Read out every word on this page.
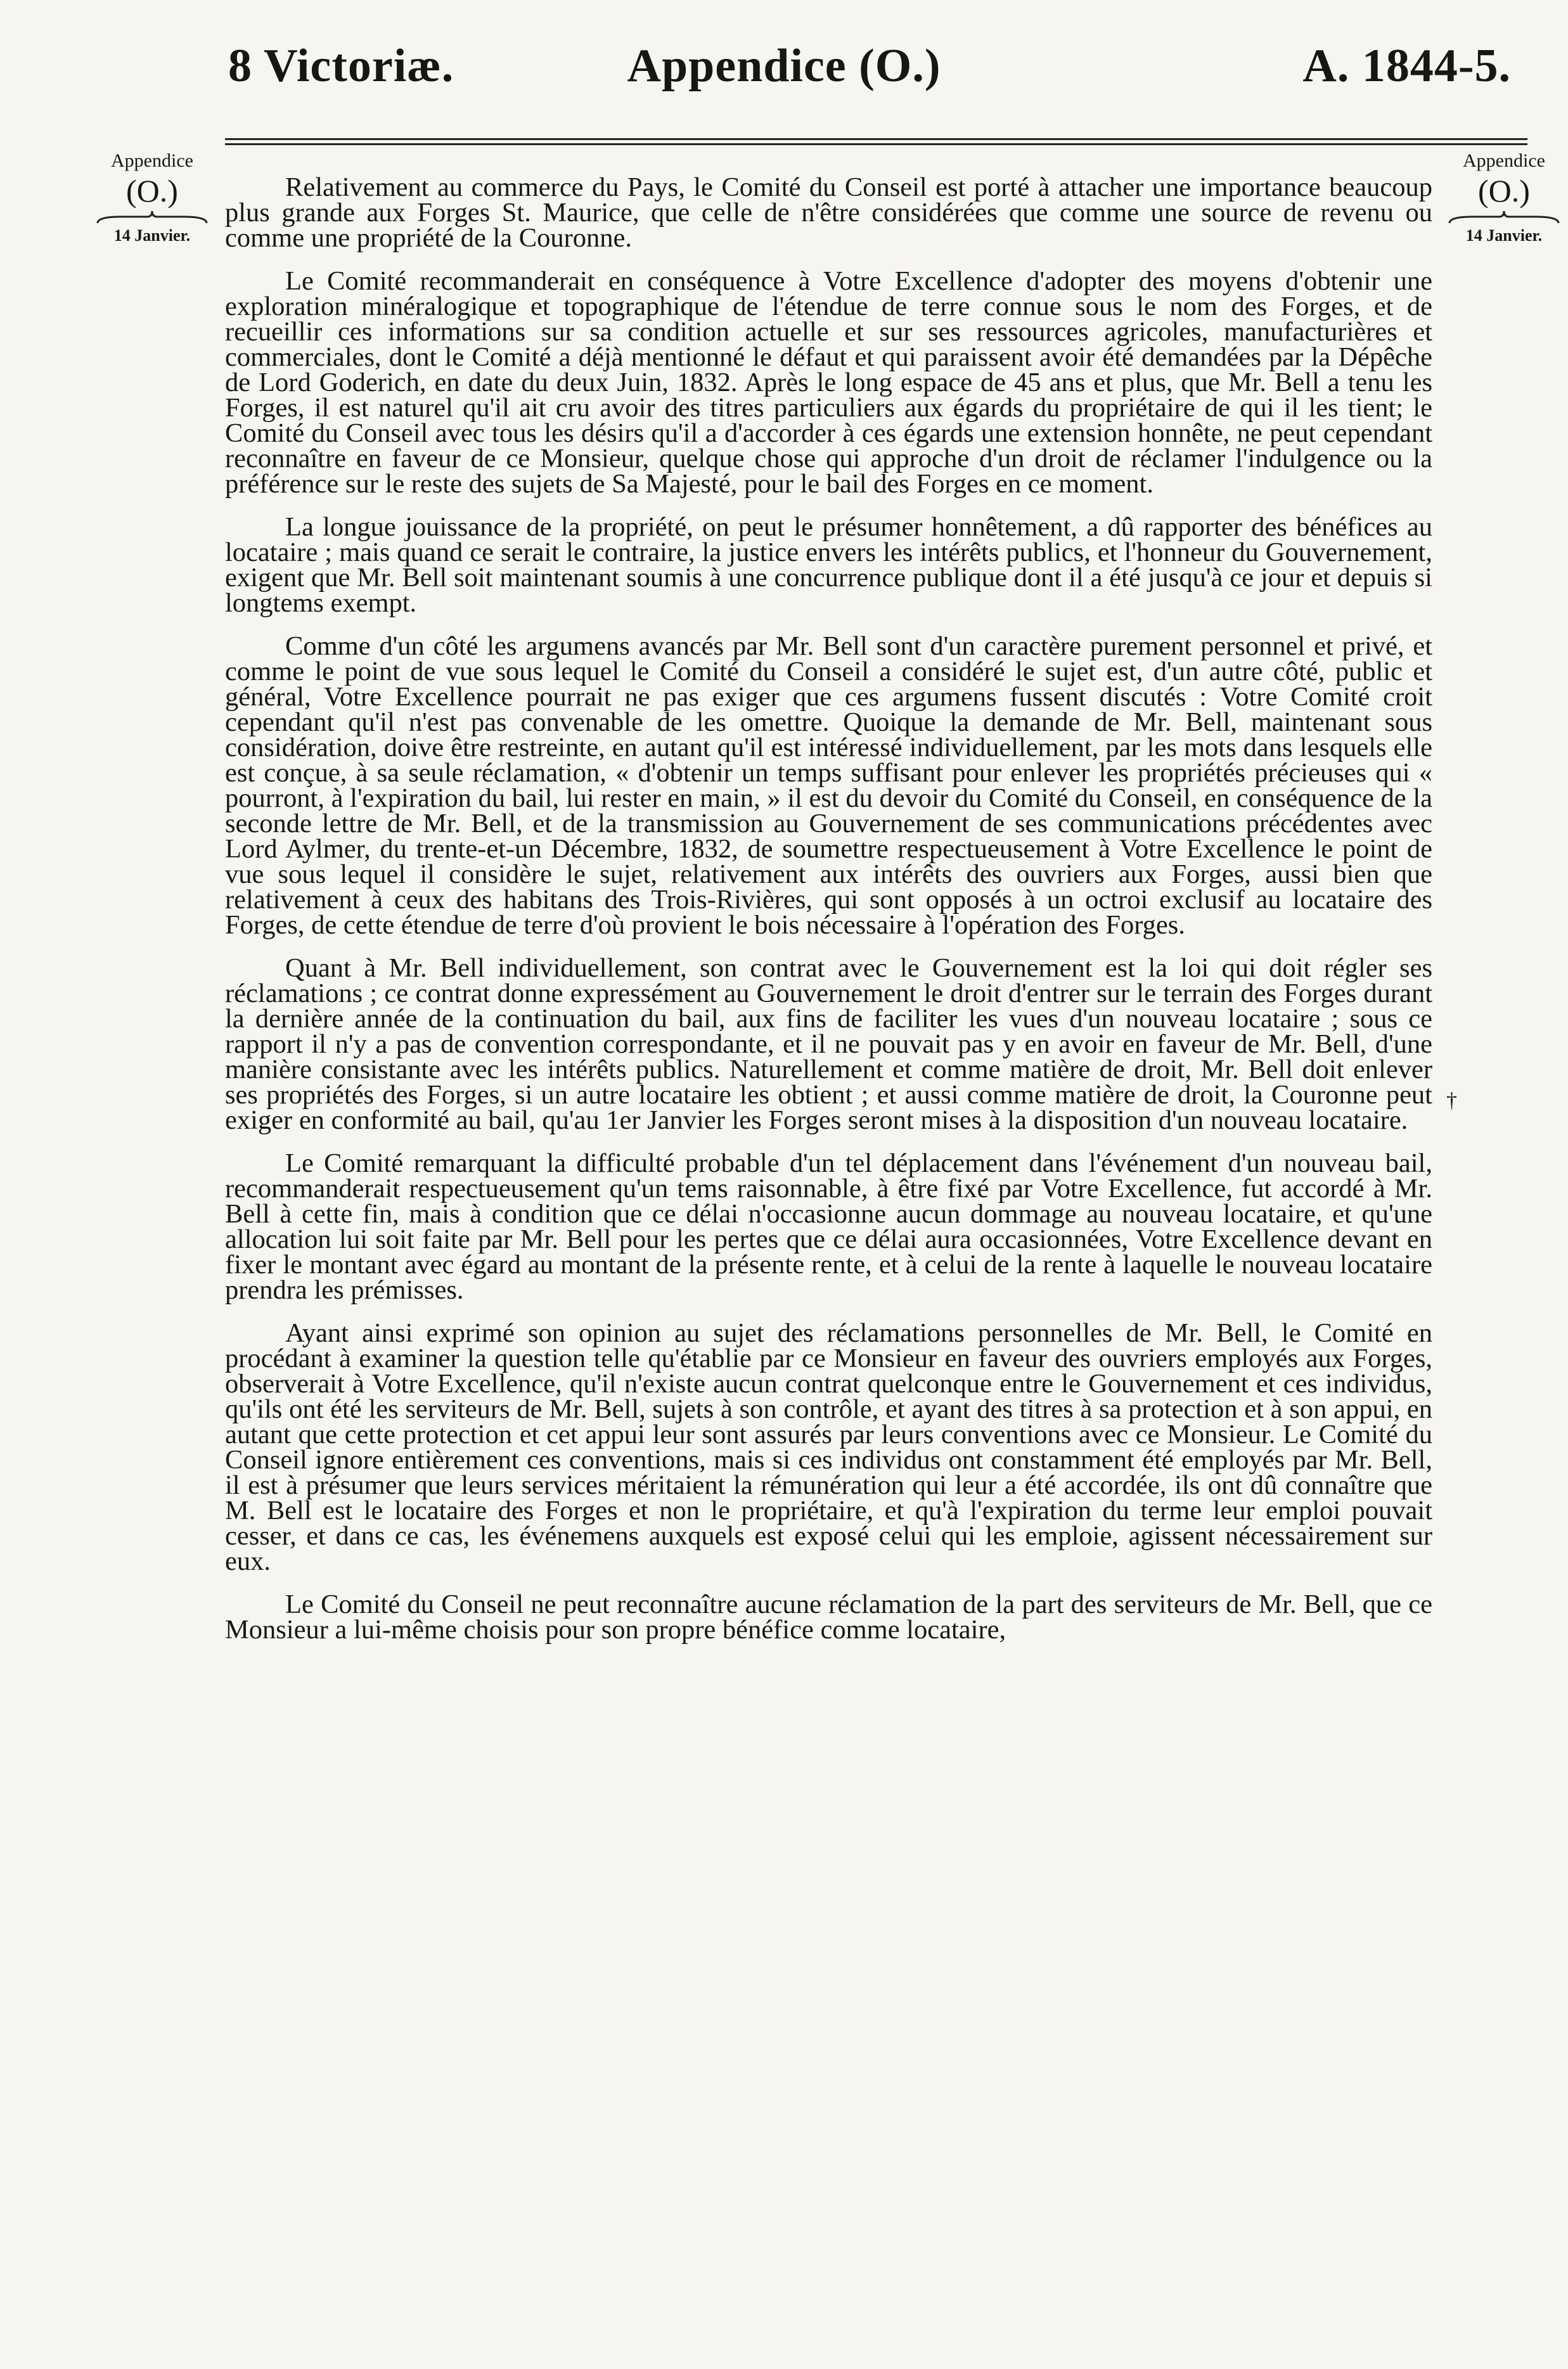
8 Victoriæ.	Appendice (O.)	A. 1844-5.
Appendice
(O.)
14 Janvier.
Appendice
(O.)
14 Janvier.

Relativement au commerce du Pays, le Comité du Conseil est porté à attacher une importance beaucoup plus grande aux Forges St. Maurice, que celle de n'être considérées que comme une source de revenu ou comme une propriété de la Couronne.

Le Comité recommanderait en conséquence à Votre Excellence d'adopter des moyens d'obtenir une exploration minéralogique et topographique de l'étendue de terre connue sous le nom des Forges, et de recueillir ces informations sur sa condition actuelle et sur ses ressources agricoles, manufacturières et commerciales, dont le Comité a déjà mentionné le défaut et qui paraissent avoir été demandées par la Dépêche de Lord Goderich, en date du deux Juin, 1832. Après le long espace de 45 ans et plus, que Mr. Bell a tenu les Forges, il est naturel qu'il ait cru avoir des titres particuliers aux égards du propriétaire de qui il les tient; le Comité du Conseil avec tous les désirs qu'il a d'accorder à ces égards une extension honnête, ne peut cependant reconnaître en faveur de ce Monsieur, quelque chose qui approche d'un droit de réclamer l'indulgence ou la préférence sur le reste des sujets de Sa Majesté, pour le bail des Forges en ce moment.

La longue jouissance de la propriété, on peut le présumer honnêtement, a dû rapporter des bénéfices au locataire ; mais quand ce serait le contraire, la justice envers les intérêts publics, et l'honneur du Gouvernement, exigent que Mr. Bell soit maintenant soumis à une concurrence publique dont il a été jusqu'à ce jour et depuis si longtems exempt.

Comme d'un côté les argumens avancés par Mr. Bell sont d'un caractère purement personnel et privé, et comme le point de vue sous lequel le Comité du Conseil a considéré le sujet est, d'un autre côté, public et général, Votre Excellence pourrait ne pas exiger que ces argumens fussent discutés : Votre Comité croit cependant qu'il n'est pas convenable de les omettre. Quoique la demande de Mr. Bell, maintenant sous considération, doive être restreinte, en autant qu'il est intéressé individuellement, par les mots dans lesquels elle est conçue, à sa seule réclamation, « d'obtenir un temps suffisant pour enlever les propriétés précieuses qui « pourront, à l'expiration du bail, lui rester en main, » il est du devoir du Comité du Conseil, en conséquence de la seconde lettre de Mr. Bell, et de la transmission au Gouvernement de ses communications précédentes avec Lord Aylmer, du trente-et-un Décembre, 1832, de soumettre respectueusement à Votre Excellence le point de vue sous lequel il considère le sujet, relativement aux intérêts des ouvriers aux Forges, aussi bien que relativement à ceux des habitans des Trois-Rivières, qui sont opposés à un octroi exclusif au locataire des Forges, de cette étendue de terre d'où provient le bois nécessaire à l'opération des Forges.

Quant à Mr. Bell individuellement, son contrat avec le Gouvernement est la loi qui doit régler ses réclamations ; ce contrat donne expressément au Gouvernement le droit d'entrer sur le terrain des Forges durant la dernière année de la continuation du bail, aux fins de faciliter les vues d'un nouveau locataire ; sous ce rapport il n'y a pas de convention correspondante, et il ne pouvait pas y en avoir en faveur de Mr. Bell, d'une manière consistante avec les intérêts publics. Naturellement et comme matière de droit, Mr. Bell doit enlever ses propriétés des Forges, si un autre locataire les obtient ; et aussi comme matière de droit, la Couronne peut exiger en conformité au bail, qu'au 1er Janvier les Forges seront mises à la disposition d'un nouveau locataire.

Le Comité remarquant la difficulté probable d'un tel déplacement dans l'événement d'un nouveau bail, recommanderait respectueusement qu'un tems raisonnable, à être fixé par Votre Excellence, fut accordé à Mr. Bell à cette fin, mais à condition que ce délai n'occasionne aucun dommage au nouveau locataire, et qu'une allocation lui soit faite par Mr. Bell pour les pertes que ce délai aura occasionnées, Votre Excellence devant en fixer le montant avec égard au montant de la présente rente, et à celui de la rente à laquelle le nouveau locataire prendra les prémisses.

Ayant ainsi exprimé son opinion au sujet des réclamations personnelles de Mr. Bell, le Comité en procédant à examiner la question telle qu'établie par ce Monsieur en faveur des ouvriers employés aux Forges, observerait à Votre Excellence, qu'il n'existe aucun contrat quelconque entre le Gouvernement et ces individus, qu'ils ont été les serviteurs de Mr. Bell, sujets à son contrôle, et ayant des titres à sa protection et à son appui, en autant que cette protection et cet appui leur sont assurés par leurs conventions avec ce Monsieur. Le Comité du Conseil ignore entièrement ces conventions, mais si ces individus ont constamment été employés par Mr. Bell, il est à présumer que leurs services méritaient la rémunération qui leur a été accordée, ils ont dû connaître que M. Bell est le locataire des Forges et non le propriétaire, et qu'à l'expiration du terme leur emploi pouvait cesser, et dans ce cas, les événemens auxquels est exposé celui qui les emploie, agissent nécessairement sur eux.

Le Comité du Conseil ne peut reconnaître aucune réclamation de la part des serviteurs de Mr. Bell, que ce Monsieur a lui-même choisis pour son propre bénéfice comme locataire,

†
